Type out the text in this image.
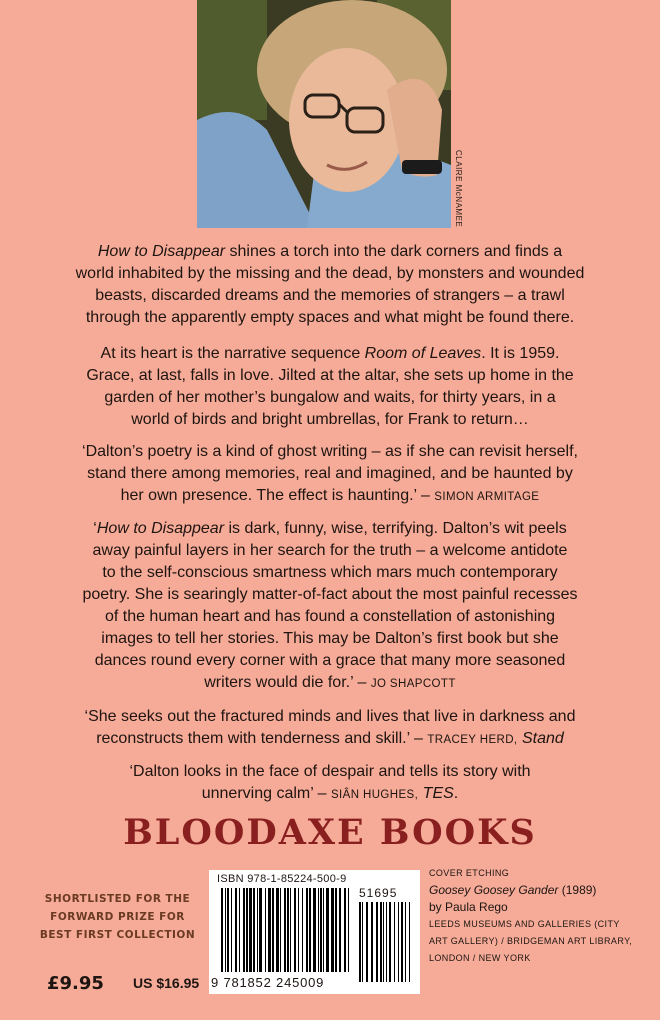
CLAIRE McNAMEE

How to Disappear shines a torch into the dark corners and finds a

world inhabited by the missing and the dead, by monsters and wounded

beasts, discarded dreams and the memories of strangers – a trawl

through the apparently empty spaces and what might be found there.

At its heart is the narrative sequence Room of Leaves. It is 1959.

Grace, at last, falls in love. Jilted at the altar, she sets up home in the

garden of her mother’s bungalow and waits, for thirty years, in a

world of birds and bright umbrellas, for Frank to return…

‘Dalton’s poetry is a kind of ghost writing – as if she can revisit herself,

stand there among memories, real and imagined, and be haunted by

her own presence. The effect is haunting.’ – SIMON ARMITAGE

‘How to Disappear is dark, funny, wise, terrifying. Dalton’s wit peels

away painful layers in her search for the truth – a welcome antidote

to the self-conscious smartness which mars much contemporary

poetry. She is searingly matter-of-fact about the most painful recesses

of the human heart and has found a constellation of astonishing

images to tell her stories. This may be Dalton’s first book but she

dances round every corner with a grace that many more seasoned

writers would die for.’ – JO SHAPCOTT

‘She seeks out the fractured minds and lives that live in darkness and

reconstructs them with tenderness and skill.’ – TRACEY HERD, Stand

‘Dalton looks in the face of despair and tells its story with

unnerving calm’ – SIÂN HUGHES, TES.

BLOODAXE BOOKS
SHORTLISTED FOR THE
FORWARD PRIZE FOR
BEST FIRST COLLECTION
£9.95 US $16.95
ISBN 978-1-85224-500-9
51695
9 781852 245009
COVER ETCHING
Goosey Goosey Gander (1989)
by Paula Rego
LEEDS MUSEUMS AND GALLERIES (CITY
ART GALLERY) / BRIDGEMAN ART LIBRARY,
LONDON / NEW YORK
